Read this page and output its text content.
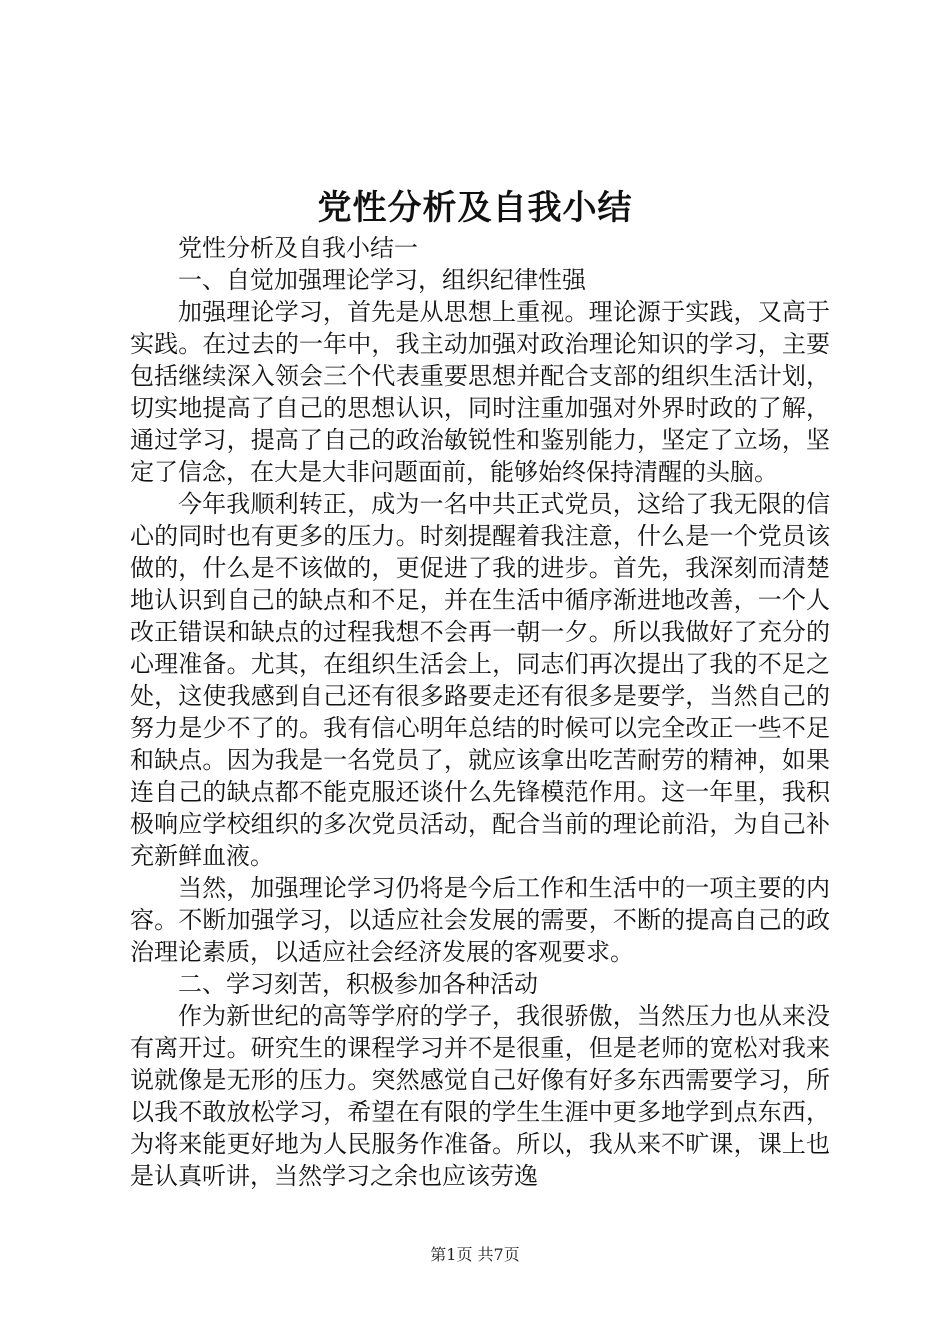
党性分析及自我小结

党性分析及自我小结一

一、自觉加强理论学习，组织纪律性强

加强理论学习，首先是从思想上重视。理论源于实践，又高于实践。在过去的一年中，我主动加强对政治理论知识的学习，主要包括继续深入领会三个代表重要思想并配合支部的组织生活计划，切实地提高了自己的思想认识，同时注重加强对外界时政的了解，通过学习，提高了自己的政治敏锐性和鉴别能力，坚定了立场，坚定了信念，在大是大非问题面前，能够始终保持清醒的头脑。

今年我顺利转正，成为一名中共正式党员，这给了我无限的信心的同时也有更多的压力。时刻提醒着我注意，什么是一个党员该做的，什么是不该做的，更促进了我的进步。首先，我深刻而清楚地认识到自己的缺点和不足，并在生活中循序渐进地改善，一个人改正错误和缺点的过程我想不会再一朝一夕。所以我做好了充分的心理准备。尤其，在组织生活会上，同志们再次提出了我的不足之处，这使我感到自己还有很多路要走还有很多是要学，当然自己的努力是少不了的。我有信心明年总结的时候可以完全改正一些不足和缺点。因为我是一名党员了，就应该拿出吃苦耐劳的精神，如果连自己的缺点都不能克服还谈什么先锋模范作用。这一年里，我积极响应学校组织的多次党员活动，配合当前的理论前沿，为自己补充新鲜血液。

当然，加强理论学习仍将是今后工作和生活中的一项主要的内容。不断加强学习，以适应社会发展的需要，不断的提高自己的政治理论素质，以适应社会经济发展的客观要求。

二、学习刻苦，积极参加各种活动

作为新世纪的高等学府的学子，我很骄傲，当然压力也从来没有离开过。研究生的课程学习并不是很重，但是老师的宽松对我来说就像是无形的压力。突然感觉自己好像有好多东西需要学习，所以我不敢放松学习，希望在有限的学生生涯中更多地学到点东西，为将来能更好地为人民服务作准备。所以，我从来不旷课，课上也是认真听讲，当然学习之余也应该劳逸

第1页 共7页
